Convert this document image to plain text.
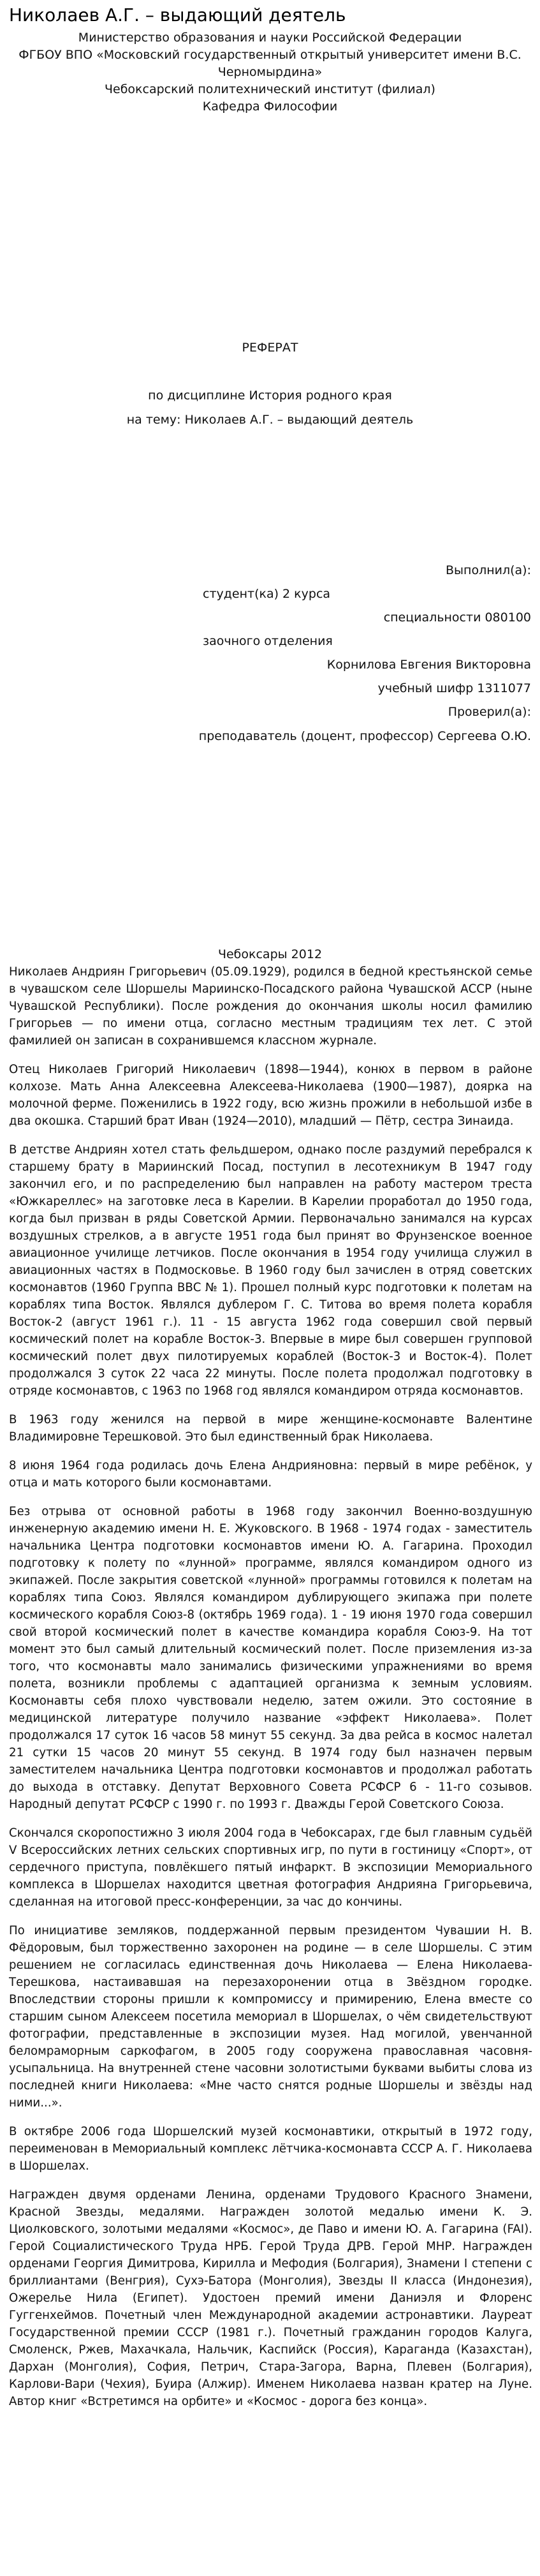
Николаев А.Г. – выдающий деятель

Министерство образования и науки Российской Федерации

ФГБОУ ВПО «Московский государственный открытый университет имени В.С.

Черномырдина»

Чебоксарский политехнический институт (филиал)

Кафедра Философии

РЕФЕРАТ

по дисциплине История родного края

на тему: Николаев А.Г. – выдающий деятель

Выполнил(а):

студент(ка) 2 курса

специальности 080100

заочного отделения

Корнилова Евгения Викторовна

учебный шифр 1311077

Проверил(а):

преподаватель (доцент, профессор) Сергеева О.Ю.

Чебоксары 2012

Николаев Андриян Григорьевич (05.09.1929), родился в бедной крестьянской семье в чувашском селе Шоршелы Мариинско-Посадского района Чувашской АССР (ныне Чувашской Республики). После рождения до окончания школы носил фамилию Григорьев — по имени отца, согласно местным традициям тех лет. С этой фамилией он записан в сохранившемся классном журнале.

Отец Николаев Григорий Николаевич (1898—1944), конюх в первом в районе колхозе. Мать Анна Алексеевна Алексеева-Николаева (1900—1987), доярка на молочной ферме. Поженились в 1922 году, всю жизнь прожили в небольшой избе в два окошка. Старший брат Иван (1924—2010), младший — Пётр, сестра Зинаида.

В детстве Андриян хотел стать фельдшером, однако после раздумий перебрался к старшему брату в Мариинский Посад, поступил в лесотехникум В 1947 году закончил его, и по распределению был направлен на работу мастером треста «Южкареллес» на заготовке леса в Карелии. В Карелии проработал до 1950 года, когда был призван в ряды Советской Армии. Первоначально занимался на курсах воздушных стрелков, а в августе 1951 года был принят во Фрунзенское военное авиационное училище летчиков. После окончания в 1954 году училища служил в авиационных частях в Подмосковье. В 1960 году был зачислен в отряд советских космонавтов (1960 Группа ВВС № 1). Прошел полный курс подготовки к полетам на кораблях типа Восток. Являлся дублером Г. С. Титова во время полета корабля Восток-2 (август 1961 г.). 11 - 15 августа 1962 года совершил свой первый космический полет на корабле Восток-3. Впервые в мире был совершен групповой космический полет двух пилотируемых кораблей (Восток-3 и Восток-4). Полет продолжался 3 суток 22 часа 22 минуты. После полета продолжал подготовку в отряде космонавтов, с 1963 по 1968 год являлся командиром отряда космонавтов.

В 1963 году женился на первой в мире женщине-космонавте Валентине Владимировне Терешковой. Это был единственный брак Николаева.

8 июня 1964 года родилась дочь Елена Андрияновна: первый в мире ребёнок, у отца и мать которого были космонавтами.

Без отрыва от основной работы в 1968 году закончил Военно-воздушную инженерную академию имени Н. Е. Жуковского. В 1968 - 1974 годах - заместитель начальника Центра подготовки космонавтов имени Ю. А. Гагарина. Проходил подготовку к полету по «лунной» программе, являлся командиром одного из экипажей. После закрытия советской «лунной» программы готовился к полетам на кораблях типа Союз. Являлся командиром дублирующего экипажа при полете космического корабля Союз-8 (октябрь 1969 года). 1 - 19 июня 1970 года совершил свой второй космический полет в качестве командира корабля Союз-9. На тот момент это был самый длительный космический полет. После приземления из-за того, что космонавты мало занимались физическими упражнениями во время полета, возникли проблемы с адаптацией организма к земным условиям. Космонавты себя плохо чувствовали неделю, затем ожили. Это состояние в медицинской литературе получило название «эффект Николаева». Полет продолжался 17 суток 16 часов 58 минут 55 секунд. За два рейса в космос налетал 21 сутки 15 часов 20 минут 55 секунд. В 1974 году был назначен первым заместителем начальника Центра подготовки космонавтов и продолжал работать до выхода в отставку. Депутат Верховного Совета РСФСР 6 - 11-го созывов. Народный депутат РСФСР с 1990 г. по 1993 г. Дважды Герой Советского Союза.

Скончался скоропостижно 3 июля 2004 года в Чебоксарах, где был главным судьёй V Всероссийских летних сельских спортивных игр, по пути в гостиницу «Спорт», от сердечного приступа, повлёкшего пятый инфаркт. В экспозиции Мемориального комплекса в Шоршелах находится цветная фотография Андрияна Григорьевича, сделанная на итоговой пресс-конференции, за час до кончины.

По инициативе земляков, поддержанной первым президентом Чувашии Н. В. Фёдоровым, был торжественно захоронен на родине — в селе Шоршелы. С этим решением не согласилась единственная дочь Николаева — Елена Николаева-Терешкова, настаивавшая на перезахоронении отца в Звёздном городке. Впоследствии стороны пришли к компромиссу и примирению, Елена вместе со старшим сыном Алексеем посетила мемориал в Шоршелах, о чём свидетельствуют фотографии, представленные в экспозиции музея. Над могилой, увенчанной беломраморным саркофагом, в 2005 году сооружена православная часовня-усыпальница. На внутренней стене часовни золотистыми буквами выбиты слова из последней книги Николаева: «Мне часто снятся родные Шоршелы и звёзды над ними...».

В октябре 2006 года Шоршелский музей космонавтики, открытый в 1972 году, переименован в Мемориальный комплекс лётчика-космонавта СССР А. Г. Николаева в Шоршелах.

Награжден двумя орденами Ленина, орденами Трудового Красного Знамени, Красной Звезды, медалями. Награжден золотой медалью имени К. Э. Циолковского, золотыми медалями «Космос», де Паво и имени Ю. А. Гагарина (FAI). Герой Социалистического Труда НРБ. Герой Труда ДРВ. Герой МНР. Награжден орденами Георгия Димитрова, Кирилла и Мефодия (Болгария), Знамени I степени с бриллиантами (Венгрия), Сухэ-Батора (Монголия), Звезды II класса (Индонезия), Ожерелье Нила (Египет). Удостоен премий имени Даниэля и Флоренс Гуггенхеймов. Почетный член Международной академии астронавтики. Лауреат Государственной премии СССР (1981 г.). Почетный гражданин городов Калуга, Смоленск, Ржев, Махачкала, Нальчик, Каспийск (Россия), Караганда (Казахстан), Дархан (Монголия), София, Петрич, Стара-Загора, Варна, Плевен (Болгария), Карлови-Вари (Чехия), Буира (Алжир). Именем Николаева назван кратер на Луне. Автор книг «Встретимся на орбите» и «Космос - дорога без конца».
